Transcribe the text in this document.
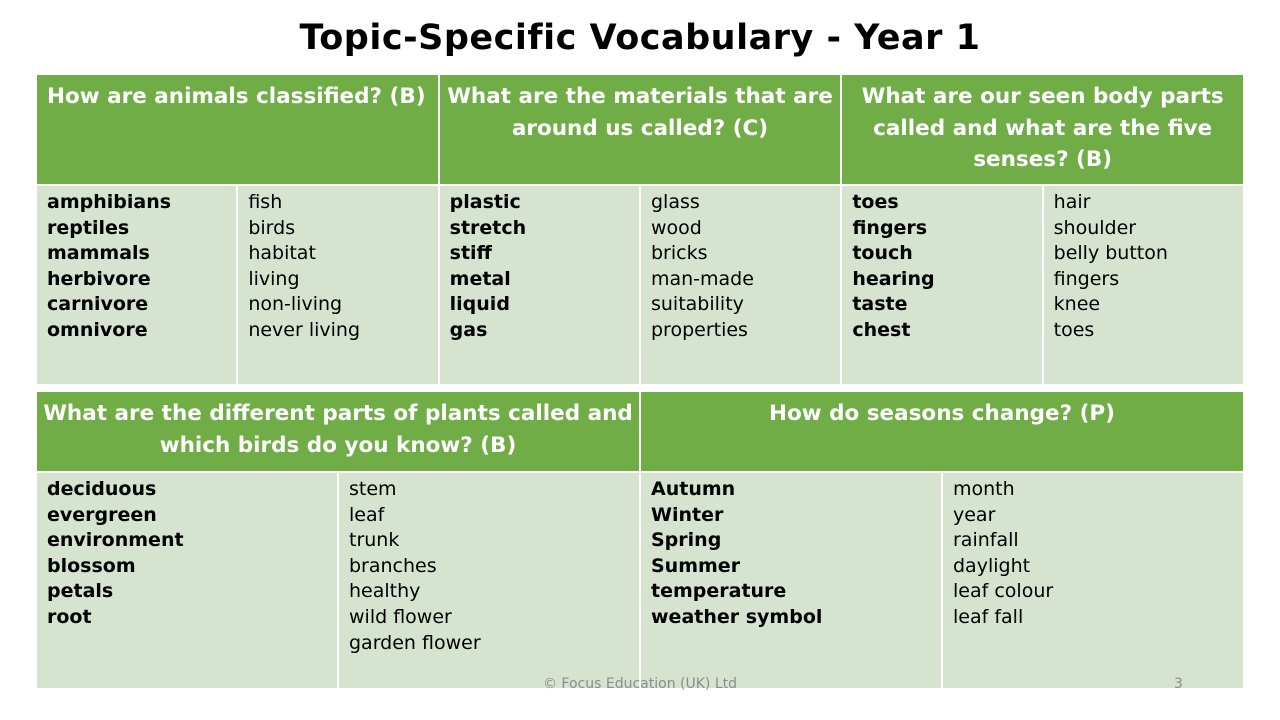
Topic-Specific Vocabulary - Year 1
How are animals classified? (B)	What are the materials that are around us called? (C)
What are our seen body parts called and what are the five senses? (B)
amphibians
reptiles
mammals
herbivore
carnivore
omnivore
fish
birds
habitat
living
non-living
never living
plastic
stretch
stiff
metal
liquid
gas
glass
wood
bricks
man-made
suitability
properties
toes
fingers
touch
hearing
taste
chest
hair
shoulder
belly button
fingers
knee
toes
What are the different parts of plants called and which birds do you know? (B)
How do seasons change? (P)
deciduous
evergreen
environment
blossom
petals
root
stem
leaf
trunk
branches
healthy
wild flower
garden flower
Autumn
Winter
Spring
Summer
temperature
weather symbol
month
year
rainfall
daylight
leaf colour
leaf fall
© Focus Education (UK) Ltd	3
